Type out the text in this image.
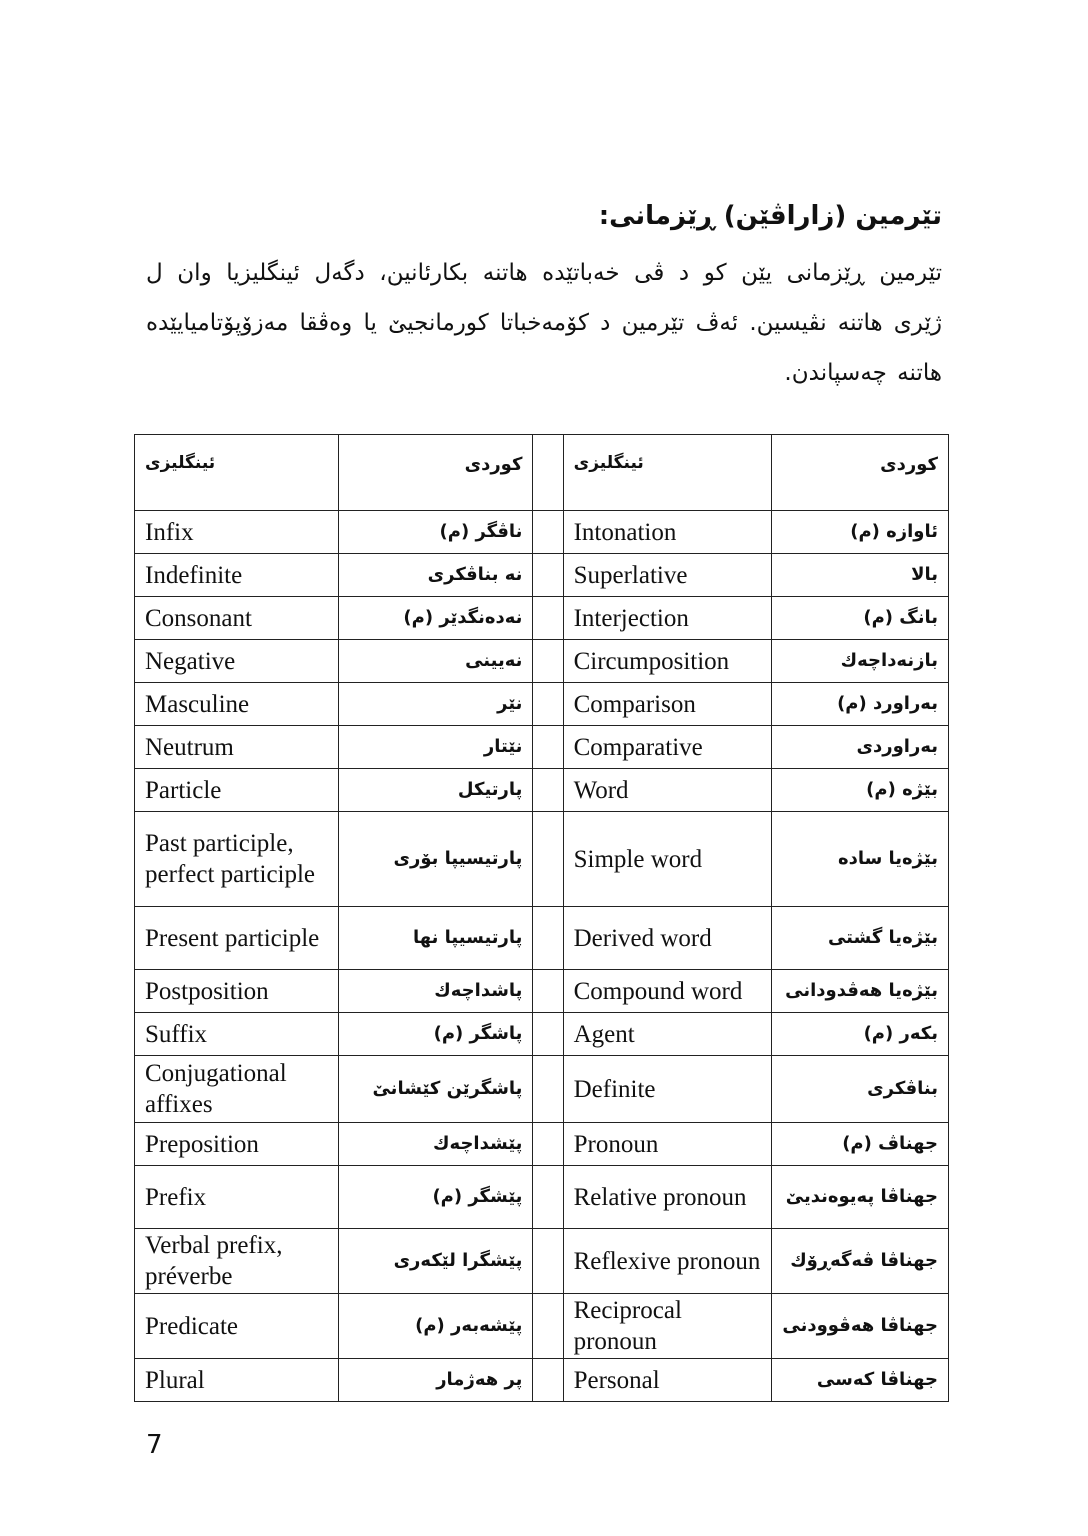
تێرمین (زاراڤێن) ڕێزمانی:
تێرمین ڕێزمانی یێن کو د ڤی خەباتێدە هاتنە بکارئانین، دگەل ئینگلیزیا وان ل ژێری هاتنە نڤیسین. ئەڤ تێرمین د کۆمەخباتا کورمانجیێ یا وەڤقا مەزۆپۆتامیایێدە هاتنە چەسپاندن.
ئینگلیزی	کوردی		ئینگلیزی	کوردی
Infix	ناڤگر (م)		Intonation	ئاوازە (م)
Indefinite	نە بناڤکری		Superlative	بالا
Consonant	نەدەنگدێر (م)		Interjection	بانگ (م)
Negative	نەیینی		Circumposition	بازنەداچەك
Masculine	نێر		Comparison	بەراورد (م)
Neutrum	نێتار		Comparative	بەراوردی
Particle	پارتیکل		Word	بێژە (م)
Past participle, perfect participle	پارتیسیپا بۆری		Simple word	بێژەیا سادە
Present participle	پارتیسیپا نها		Derived word	بێژەیا گشتی
Postposition	پاشداچەك		Compound word	بێژەیا هەڤدودانی
Suffix	پاشگر (م)		Agent	بکەر (م)
Conjugational affixes	پاشگرێن کێشانێ		Definite	بناڤکری
Preposition	پێشداچەك		Pronoun	جهناڤ (م)
Prefix	پێشگر (م)		Relative pronoun	جهناڤا پەیوەندیێ
Verbal prefix, préverbe	پێشگرا لێکەری		Reflexive pronoun	جهناڤا ڤەگەڕۆك
Predicate	پێشەبەر (م)		Reciprocal pronoun	جهناڤا هەڤوودنی
Plural	پر هەژمار		Personal	جهناڤا کەسی
7
